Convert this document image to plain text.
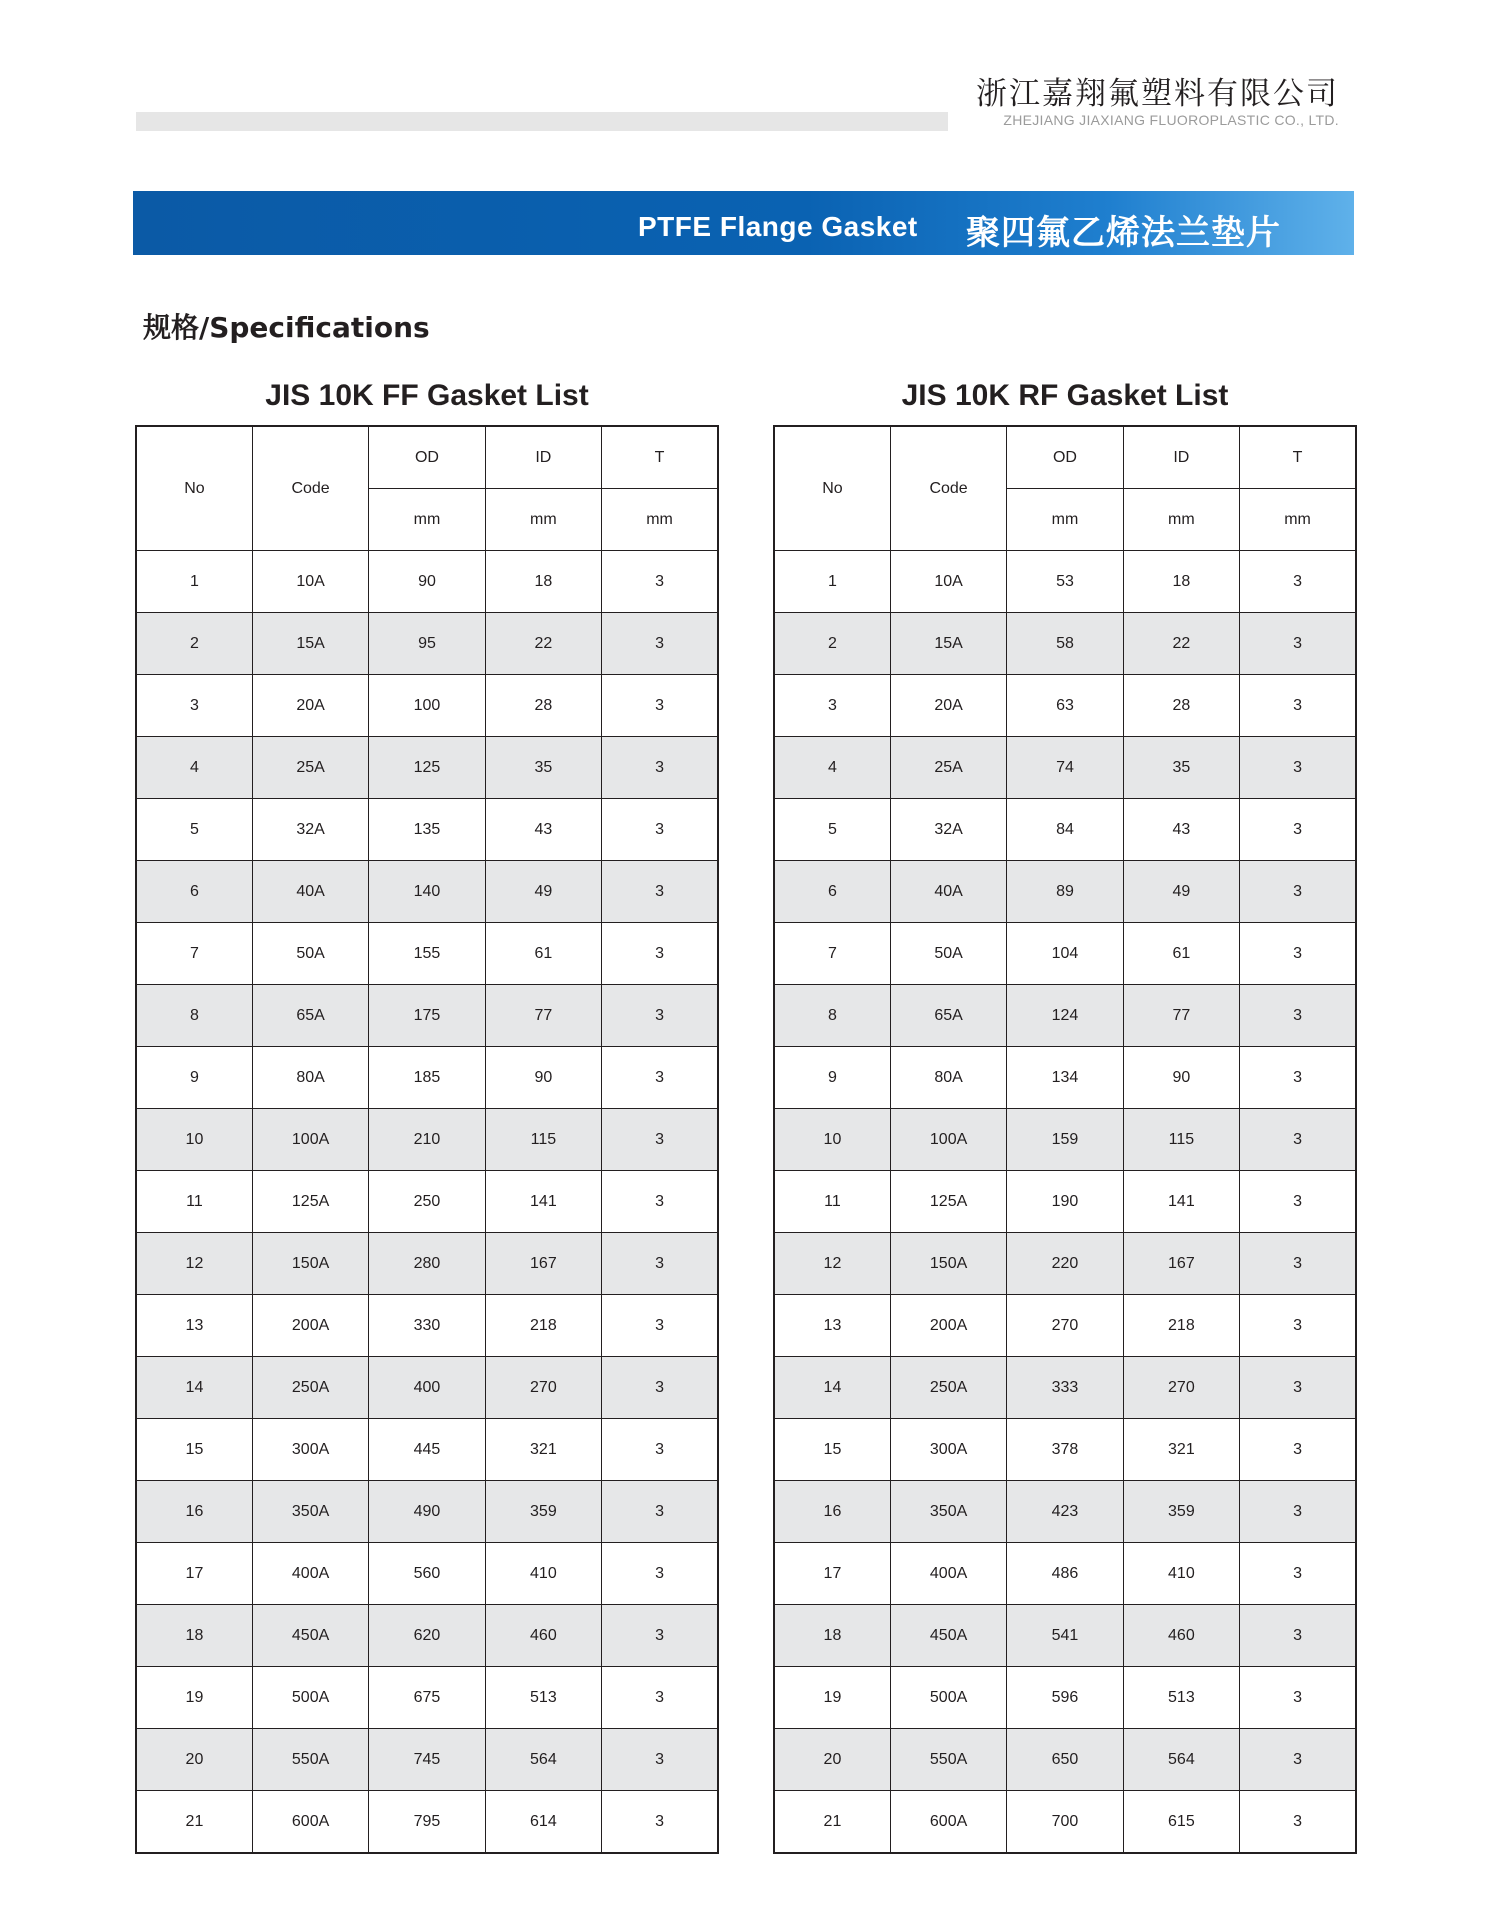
浙江嘉翔氟塑料有限公司
ZHEJIANG JIAXIANG FLUOROPLASTIC CO., LTD.
PTFE Flange Gasket 聚四氟乙烯法兰垫片
规格/Specifications
JIS 10K FF Gasket List
No	Code	OD	ID	T
		mm	mm	mm
1	10A	90	18	3
2	15A	95	22	3
3	20A	100	28	3
4	25A	125	35	3
5	32A	135	43	3
6	40A	140	49	3
7	50A	155	61	3
8	65A	175	77	3
9	80A	185	90	3
10	100A	210	115	3
11	125A	250	141	3
12	150A	280	167	3
13	200A	330	218	3
14	250A	400	270	3
15	300A	445	321	3
16	350A	490	359	3
17	400A	560	410	3
18	450A	620	460	3
19	500A	675	513	3
20	550A	745	564	3
21	600A	795	614	3
JIS 10K RF Gasket List
No	Code	OD	ID	T
		mm	mm	mm
1	10A	53	18	3
2	15A	58	22	3
3	20A	63	28	3
4	25A	74	35	3
5	32A	84	43	3
6	40A	89	49	3
7	50A	104	61	3
8	65A	124	77	3
9	80A	134	90	3
10	100A	159	115	3
11	125A	190	141	3
12	150A	220	167	3
13	200A	270	218	3
14	250A	333	270	3
15	300A	378	321	3
16	350A	423	359	3
17	400A	486	410	3
18	450A	541	460	3
19	500A	596	513	3
20	550A	650	564	3
21	600A	700	615	3
